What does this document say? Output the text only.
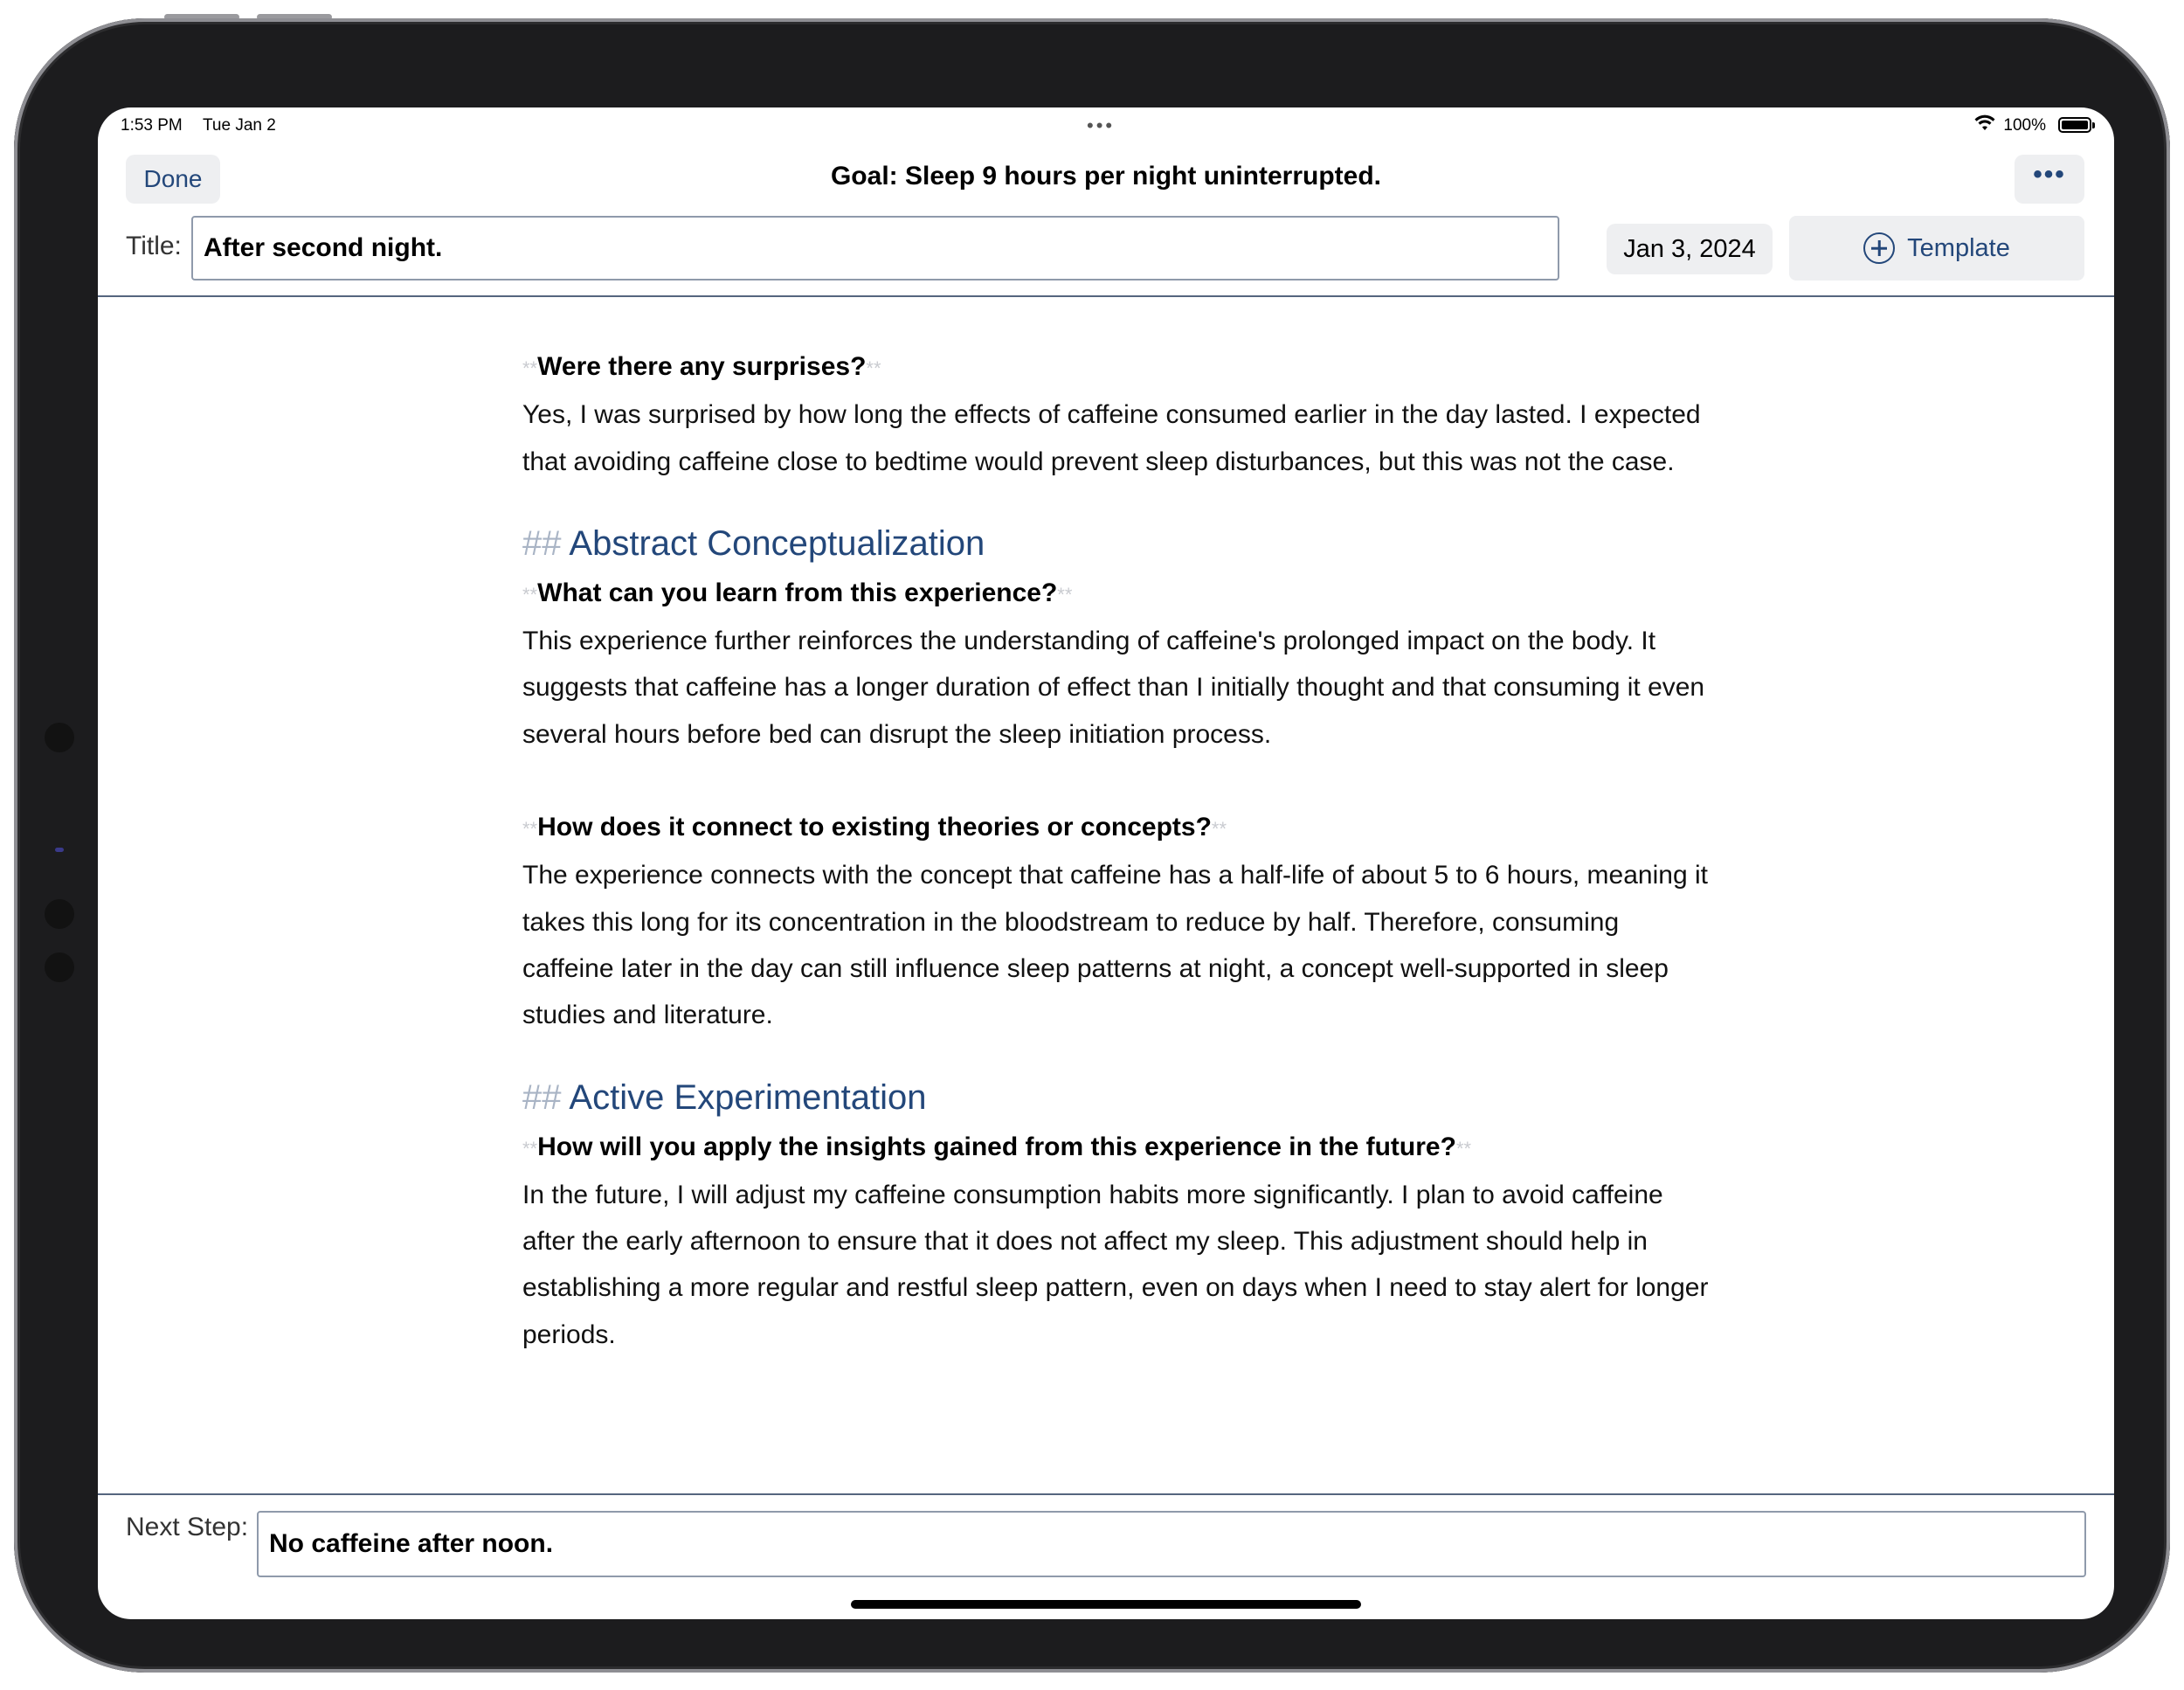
1:53 PM Tue Jan 2	•••	100%
Done	Goal: Sleep 9 hours per night uninterrupted.	•••
Title:
After second night.	Jan 3, 2024	Template

**Were there any surprises?**

Yes, I was surprised by how long the effects of caffeine consumed earlier in the day lasted. I expected that avoiding caffeine close to bedtime would prevent sleep disturbances, but this was not the case.

## Abstract Conceptualization

**What can you learn from this experience?**

This experience further reinforces the understanding of caffeine's prolonged impact on the body. It suggests that caffeine has a longer duration of effect than I initially thought and that consuming it even several hours before bed can disrupt the sleep initiation process.

**How does it connect to existing theories or concepts?**

The experience connects with the concept that caffeine has a half-life of about 5 to 6 hours, meaning it takes this long for its concentration in the bloodstream to reduce by half. Therefore, consuming caffeine later in the day can still influence sleep patterns at night, a concept well-supported in sleep studies and literature.

## Active Experimentation

**How will you apply the insights gained from this experience in the future?**

In the future, I will adjust my caffeine consumption habits more significantly. I plan to avoid caffeine after the early afternoon to ensure that it does not affect my sleep. This adjustment should help in establishing a more regular and restful sleep pattern, even on days when I need to stay alert for longer periods.

Next Step:
No caffeine after noon.
